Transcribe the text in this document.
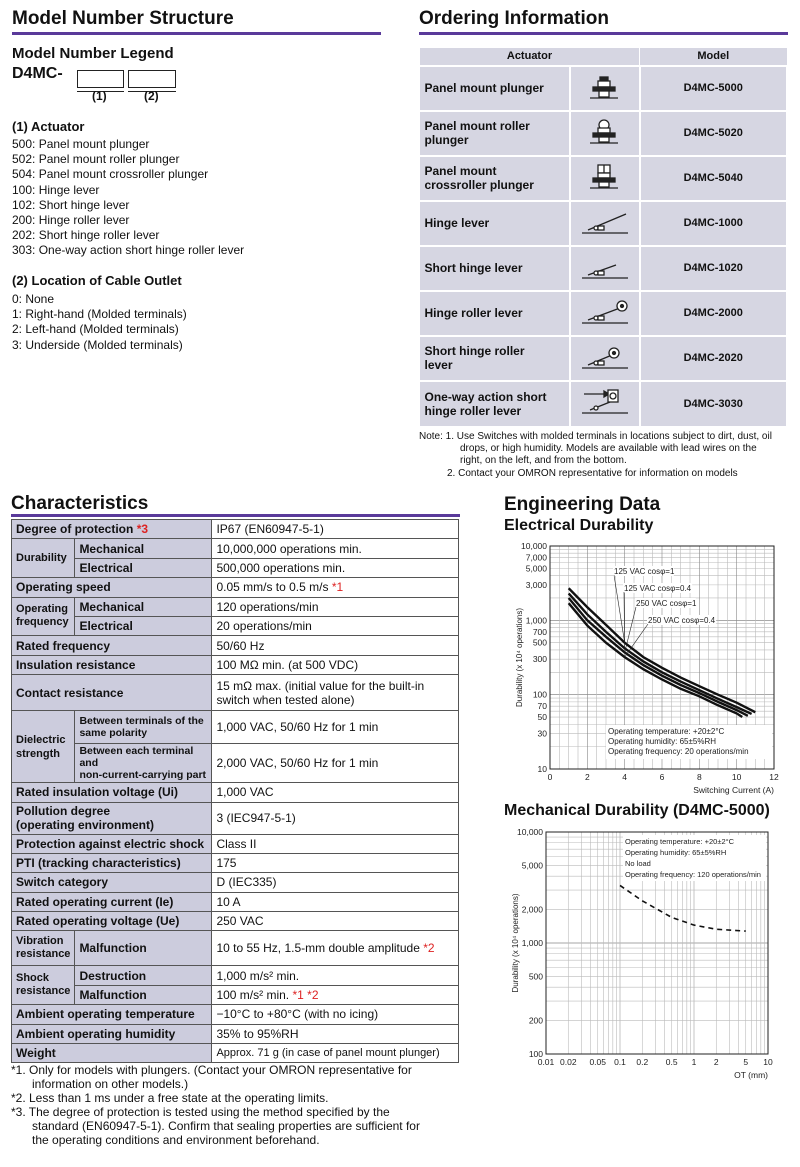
Model Number Structure
Model Number Legend
D4MC-
(1)	(2)
(1) Actuator
500: Panel mount plunger
502: Panel mount roller plunger
504: Panel mount crossroller plunger
100: Hinge lever
102: Short hinge lever
200: Hinge roller lever
202: Short hinge roller lever
303: One-way action short hinge roller lever
(2) Location of Cable Outlet
0: None
1: Right-hand (Molded terminals)
2: Left-hand (Molded terminals)
3: Underside (Molded terminals)
Ordering Information
Actuator		Model

Panel mount plunger		D4MC-5000

Panel mount roller
plunger		D4MC-5020

Panel mount
crossroller plunger		D4MC-5040

Hinge lever		D4MC-1000

Short hinge lever		D4MC-1020

Hinge roller lever		D4MC-2000

Short hinge roller
lever		D4MC-2020

One-way action short
hinge roller lever		D4MC-3030
Note: 1. Use Switches with molded terminals in locations subject to dirt, dust, oil
drops, or high humidity. Models are available with lead wires on the
right, on the left, and from the bottom.
2. Contact your OMRON representative for information on models
Characteristics
Degree of protection *3		IP67 (EN60947-5-1)
Durability	Mechanical	10,000,000 operations min.
	Electrical	500,000 operations min.
Operating speed		0.05 mm/s to 0.5 m/s *1
Operating
frequency	Mechanical	120 operations/min
	Electrical	20 operations/min
Rated frequency		50/60 Hz
Insulation resistance		100 MΩ min. (at 500 VDC)
Contact resistance		15 mΩ max. (initial value for the built-in
switch when tested alone)
Dielectric
strength	Between terminals of the
same polarity	1,000 VAC, 50/60 Hz for 1 min
	Between each terminal and
non-current-carrying part	2,000 VAC, 50/60 Hz for 1 min
Rated insulation voltage (Ui)		1,000 VAC
Pollution degree
(operating environment)		3 (IEC947-5-1)
Protection against electric shock		Class II
PTI (tracking characteristics)		175
Switch category		D (IEC335)
Rated operating current (Ie)		10 A
Rated operating voltage (Ue)		250 VAC
Vibration
resistance	Malfunction	10 to 55 Hz, 1.5-mm double amplitude *2
Shock
resistance	Destruction	1,000 m/s² min.
	Malfunction	100 m/s² min. *1 *2
Ambient operating temperature		−10°C to +80°C (with no icing)
Ambient operating humidity		35% to 95%RH
Weight		Approx. 71 g (in case of panel mount plunger)
*1. Only for models with plungers. (Contact your OMRON representative for
information on other models.)
*2. Less than 1 ms under a free state at the operating limits.
*3. The degree of protection is tested using the method specified by the
standard (EN60947-5-1). Confirm that sealing properties are sufficient for
the operating conditions and environment beforehand.
Engineering Data
Electrical Durability
10
30
50
70
100
300
500
700
1,000
3,000
5,000
7,000
10,000
0	2	4	6	8	10	12
Durability (x 10⁴ operations)
Switching Current (A)
125 VAC cosφ=1
125 VAC cosφ=0.4
250 VAC cosφ=1
250 VAC cosφ=0.4
Operating temperature: +20±2°C
Operating humidity: 65±5%RH
Operating frequency: 20 operations/min
Mechanical Durability (D4MC-5000)
100
200
500
1,000
2,000
5,000
10,000
0.01 0.02 0.05 0.1 0.2 0.5 1 2	5 10
Durability (x 10⁴ operations)
OT (mm)
Operating temperature: +20±2°C
Operating humidity: 65±5%RH
No load
Operating frequency: 120 operations/min
